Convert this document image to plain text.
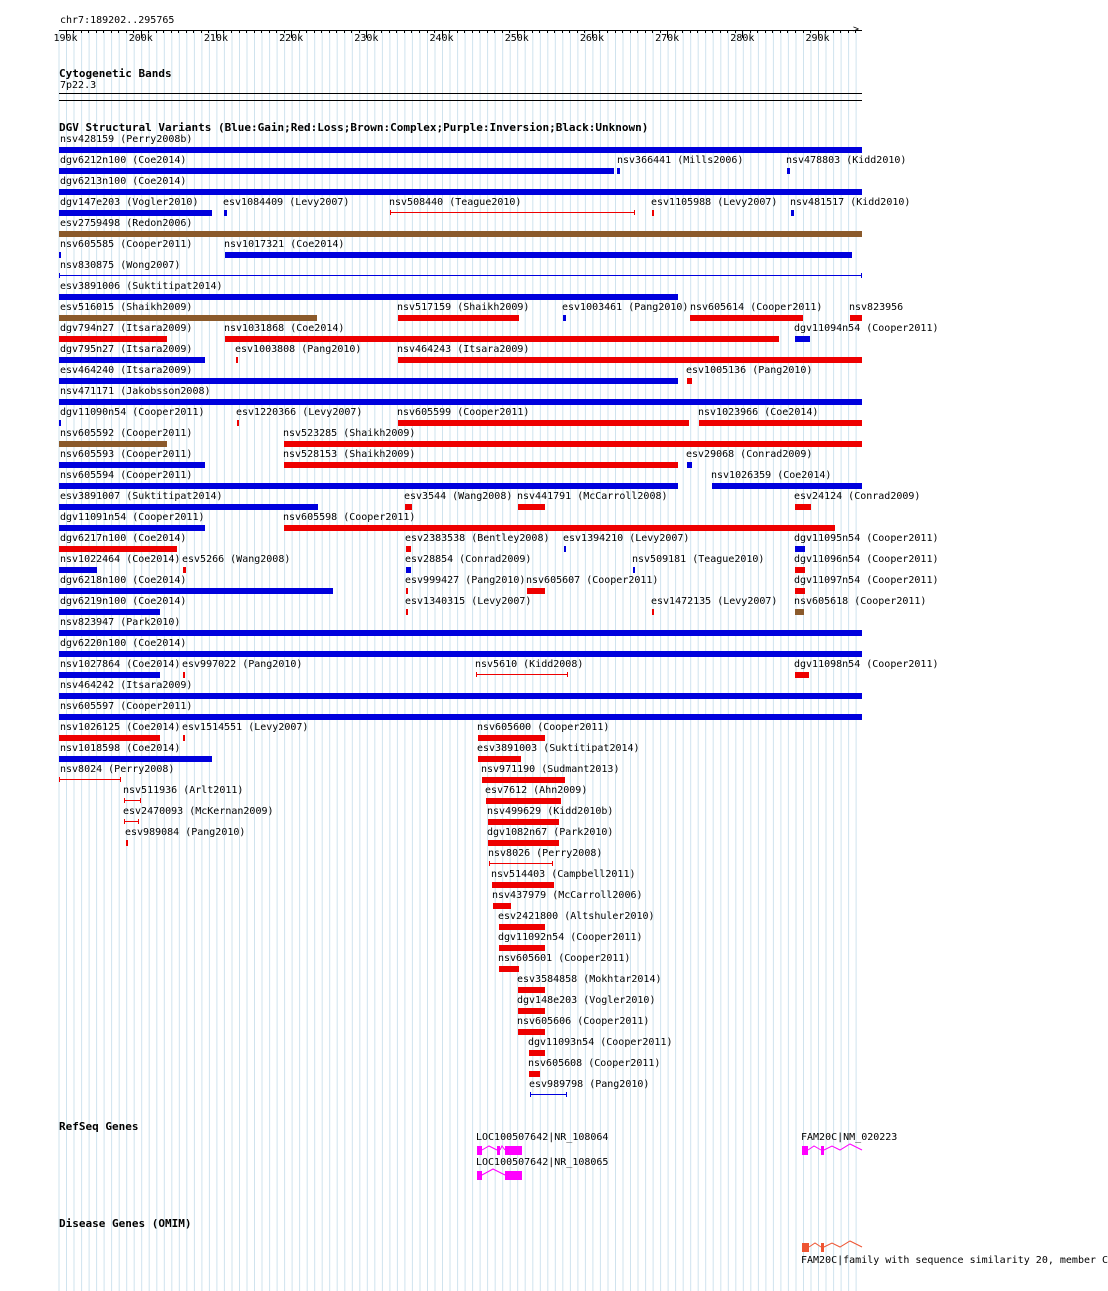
chr7:189202..295765
190k	200k	210k	220k	230k	240k	250k	260k	270k	280k	290k
>
Cytogenetic Bands
7p22.3
DGV Structural Variants (Blue:Gain;Red:Loss;Brown:Complex;Purple:Inversion;Black:Unknown)
nsv428159 (Perry2008b)
dgv6212n100 (Coe2014)	nsv366441 (Mills2006)	nsv478803 (Kidd2010)
dgv6213n100 (Coe2014)
dgv147e203 (Vogler2010) esv1084409 (Levy2007)	nsv508440 (Teague2010)	esv1105988 (Levy2007) nsv481517 (Kidd2010)
esv2759498 (Redon2006)
nsv605585 (Cooper2011)	nsv1017321 (Coe2014)
nsv830875 (Wong2007)
esv3891006 (Suktitipat2014)
esv516015 (Shaikh2009)	nsv517159 (Shaikh2009)	esv1003461 (Pang2010) nsv605614 (Cooper2011)	nsv823956
dgv794n27 (Itsara2009)	nsv1031868 (Coe2014)	dgv11094n54 (Cooper2011)
dgv795n27 (Itsara2009)	esv1003808 (Pang2010)	nsv464243 (Itsara2009)
esv464240 (Itsara2009)	esv1005136 (Pang2010)
nsv471171 (Jakobsson2008)
dgv11090n54 (Cooper2011)	esv1220366 (Levy2007)	nsv605599 (Cooper2011)	nsv1023966 (Coe2014)
nsv605592 (Cooper2011)	nsv523285 (Shaikh2009)
nsv605593 (Cooper2011)	nsv528153 (Shaikh2009)	esv29068 (Conrad2009)
nsv605594 (Cooper2011)	nsv1026359 (Coe2014)
esv3891007 (Suktitipat2014)	esv3544 (Wang2008) nsv441791 (McCarroll2008)	esv24124 (Conrad2009)
dgv11091n54 (Cooper2011)	nsv605598 (Cooper2011)
dgv6217n100 (Coe2014)	esv2383538 (Bentley2008) esv1394210 (Levy2007)	dgv11095n54 (Cooper2011)
nsv1022464 (Coe2014) esv5266 (Wang2008)	esv28854 (Conrad2009)	nsv509181 (Teague2010)	dgv11096n54 (Cooper2011)
dgv6218n100 (Coe2014)	esv999427 (Pang2010) nsv605607 (Cooper2011)	dgv11097n54 (Cooper2011)
dgv6219n100 (Coe2014)	esv1340315 (Levy2007)	esv1472135 (Levy2007) nsv605618 (Cooper2011)
nsv823947 (Park2010)
dgv6220n100 (Coe2014)
nsv1027864 (Coe2014) esv997022 (Pang2010)	nsv5610 (Kidd2008)	dgv11098n54 (Cooper2011)
nsv464242 (Itsara2009)
nsv605597 (Cooper2011)
nsv1026125 (Coe2014) esv1514551 (Levy2007)	nsv605600 (Cooper2011)
nsv1018598 (Coe2014)	esv3891003 (Suktitipat2014)
nsv8024 (Perry2008)	nsv971190 (Sudmant2013)
nsv511936 (Arlt2011)	esv7612 (Ahn2009)
esv2470093 (McKernan2009)	nsv499629 (Kidd2010b)
esv989084 (Pang2010)	dgv1082n67 (Park2010)
nsv8026 (Perry2008)
nsv514403 (Campbell2011)
nsv437979 (McCarroll2006)
esv2421800 (Altshuler2010)
dgv11092n54 (Cooper2011)
nsv605601 (Cooper2011)
esv3584858 (Mokhtar2014)
dgv148e203 (Vogler2010)
nsv605606 (Cooper2011)
dgv11093n54 (Cooper2011)
nsv605608 (Cooper2011)
esv989798 (Pang2010)
RefSeq Genes
LOC100507642|NR_108064
LOC100507642|NR_108065
FAM20C|NM_020223
Disease Genes (OMIM)
FAM20C|family with sequence similarity 20, member C
